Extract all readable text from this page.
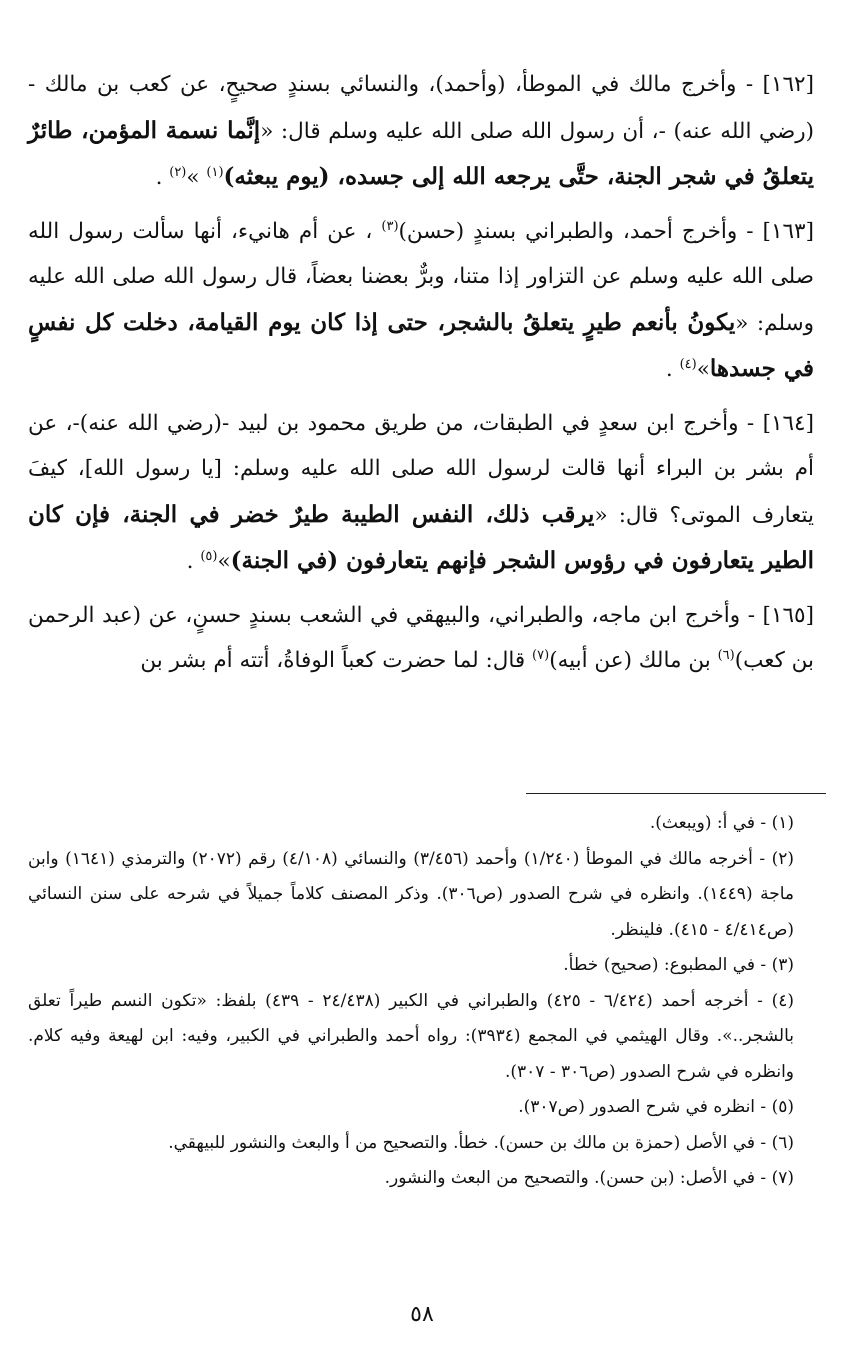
[١٦٢] - وأخرج مالك في الموطأ، (وأحمد)، والنسائي بسندٍ صحيحٍ، عن كعب بن مالك - (رضي الله عنه) -، أن رسول الله صلى الله عليه وسلم قال: «إنَّما نسمة المؤمن، طائرٌ يتعلقُ في شجر الجنة، حتَّى يرجعه الله إلى جسده، (يوم يبعثه)$^{(١)}$ »$^{(٢)}$ .

[١٦٣] - وأخرج أحمد، والطبراني بسندٍ (حسن)$^{(٣)}$ ، عن أم هانيء، أنها سألت رسول الله صلى الله عليه وسلم عن التزاور إذا متنا، وبرٌّ بعضنا بعضاً، قال رسول الله صلى الله عليه وسلم: «يكونُ بأنعم طيرٍ يتعلقُ بالشجر، حتى إذا كان يوم القيامة، دخلت كل نفسٍ في جسدها»$^{(٤)}$ .

[١٦٤] - وأخرج ابن سعدٍ في الطبقات، من طريق محمود بن لبيد -(رضي الله عنه)-، عن أم بشر بن البراء أنها قالت لرسول الله صلى الله عليه وسلم: [يا رسول الله]، كيفَ يتعارف الموتى؟ قال: «يرقب ذلك، النفس الطيبة طيرٌ خضر في الجنة، فإن كان الطير يتعارفون في رؤوس الشجر فإنهم يتعارفون (في الجنة)»$^{(٥)}$ .

[١٦٥] - وأخرج ابن ماجه، والطبراني، والبيهقي في الشعب بسندٍ حسنٍ، عن (عبد الرحمن بن كعب)$^{(٦)}$ بن مالك (عن أبيه)$^{(٧)}$ قال: لما حضرت كعباً الوفاةُ، أتته أم بشر بن

(١) - في أ: (ويبعث).

(٢) - أخرجه مالك في الموطأ (١/٢٤٠) وأحمد (٣/٤٥٦) والنسائي (٤/١٠٨) رقم (٢٠٧٢) والترمذي (١٦٤١) وابن ماجة (١٤٤٩). وانظره في شرح الصدور (ص٣٠٦). وذكر المصنف كلاماً جميلاً في شرحه على سنن النسائي (ص٤/٤١٤ - ٤١٥). فلينظر.

(٣) - في المطبوع: (صحيح) خطأ.

(٤) - أخرجه أحمد (٦/٤٢٤ - ٤٢٥) والطبراني في الكبير (٢٤/٤٣٨ - ٤٣٩) بلفظ: «تكون النسم طيراً تعلق بالشجر..». وقال الهيثمي في المجمع (٣٩٣٤): رواه أحمد والطبراني في الكبير، وفيه: ابن لهيعة وفيه كلام. وانظره في شرح الصدور (ص٣٠٦ - ٣٠٧).

(٥) - انظره في شرح الصدور (ص٣٠٧).

(٦) - في الأصل (حمزة بن مالك بن حسن). خطأ. والتصحيح من أ والبعث والنشور للبيهقي.

(٧) - في الأصل: (بن حسن). والتصحيح من البعث والنشور.

٥٨
